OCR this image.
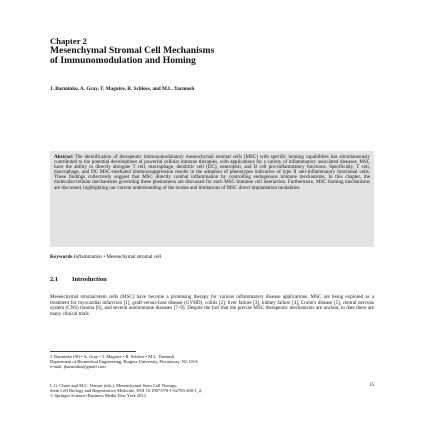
Chapter 2
Mesenchymal Stromal Cell Mechanisms
of Immunomodulation and Homing
J. Barminko, A. Gray, T. Maguire, R. Schloss, and M.L. Yarmush
Abstract The identification of therapeutic immunomodulatory mesenchymal stromal cells (MSC) with specific homing capabilities has simultaneously contributed to the potential development of powerful cellular immune therapies, with applications for a variety of inflammatory associated diseases. MSC have the ability to directly abrogate T cell, macrophage, dendritic cell (DC), neutrophil, and B cell pro-inflammatory functions. Specifically, T cell, macrophage, and DC MSC-mediated immunosuppression results in the adoption of phenotypes indicative of type II anti-inflammatory functional cells. These findings collectively suggest that MSC directly combat inflammation by controlling endogenous immune mechanisms. In this chapter, the molecular/cellular mechanisms governing these phenomena are discussed for each MSC-immune cell interaction. Furthermore, MSC homing mechanisms are discussed, highlighting our current understanding of the modes and limitations of MSC direct implantation modalities.
Keywords Inflammation • Mesenchymal stromal cell
2.1 Introduction
Mesenchymal stromal/stem cells (MSC) have become a promising therapy for various inflammatory disease applications. MSC are being explored as a treatment for myocardial infarction [1], graft-versus-host disease (GVHD), colitis [2], liver failure [3], kidney failure [4], Crohn's disease [5], central nervous system (CNS) trauma [6], and several autoimmune diseases [7–9]. Despite the fact that the precise MSC therapeutic mechanisms are unclear, to date there are many clinical trials
J. Barminko (✉) • A. Gray • T. Maguire • R. Schloss • M.L. Yarmush
Department of Biomedical Engineering, Rutgers University, Piscataway, NJ, USA
e-mail: jbarminko@gmail.com
L.G. Chase and M.C. Vemuri (eds.), Mesenchymal Stem Cell Therapy,
Stem Cell Biology and Regenerative Medicine, DOI 10.1007/978-1-62703-200-1_2,
© Springer Science+Business Media New York 2013
15
